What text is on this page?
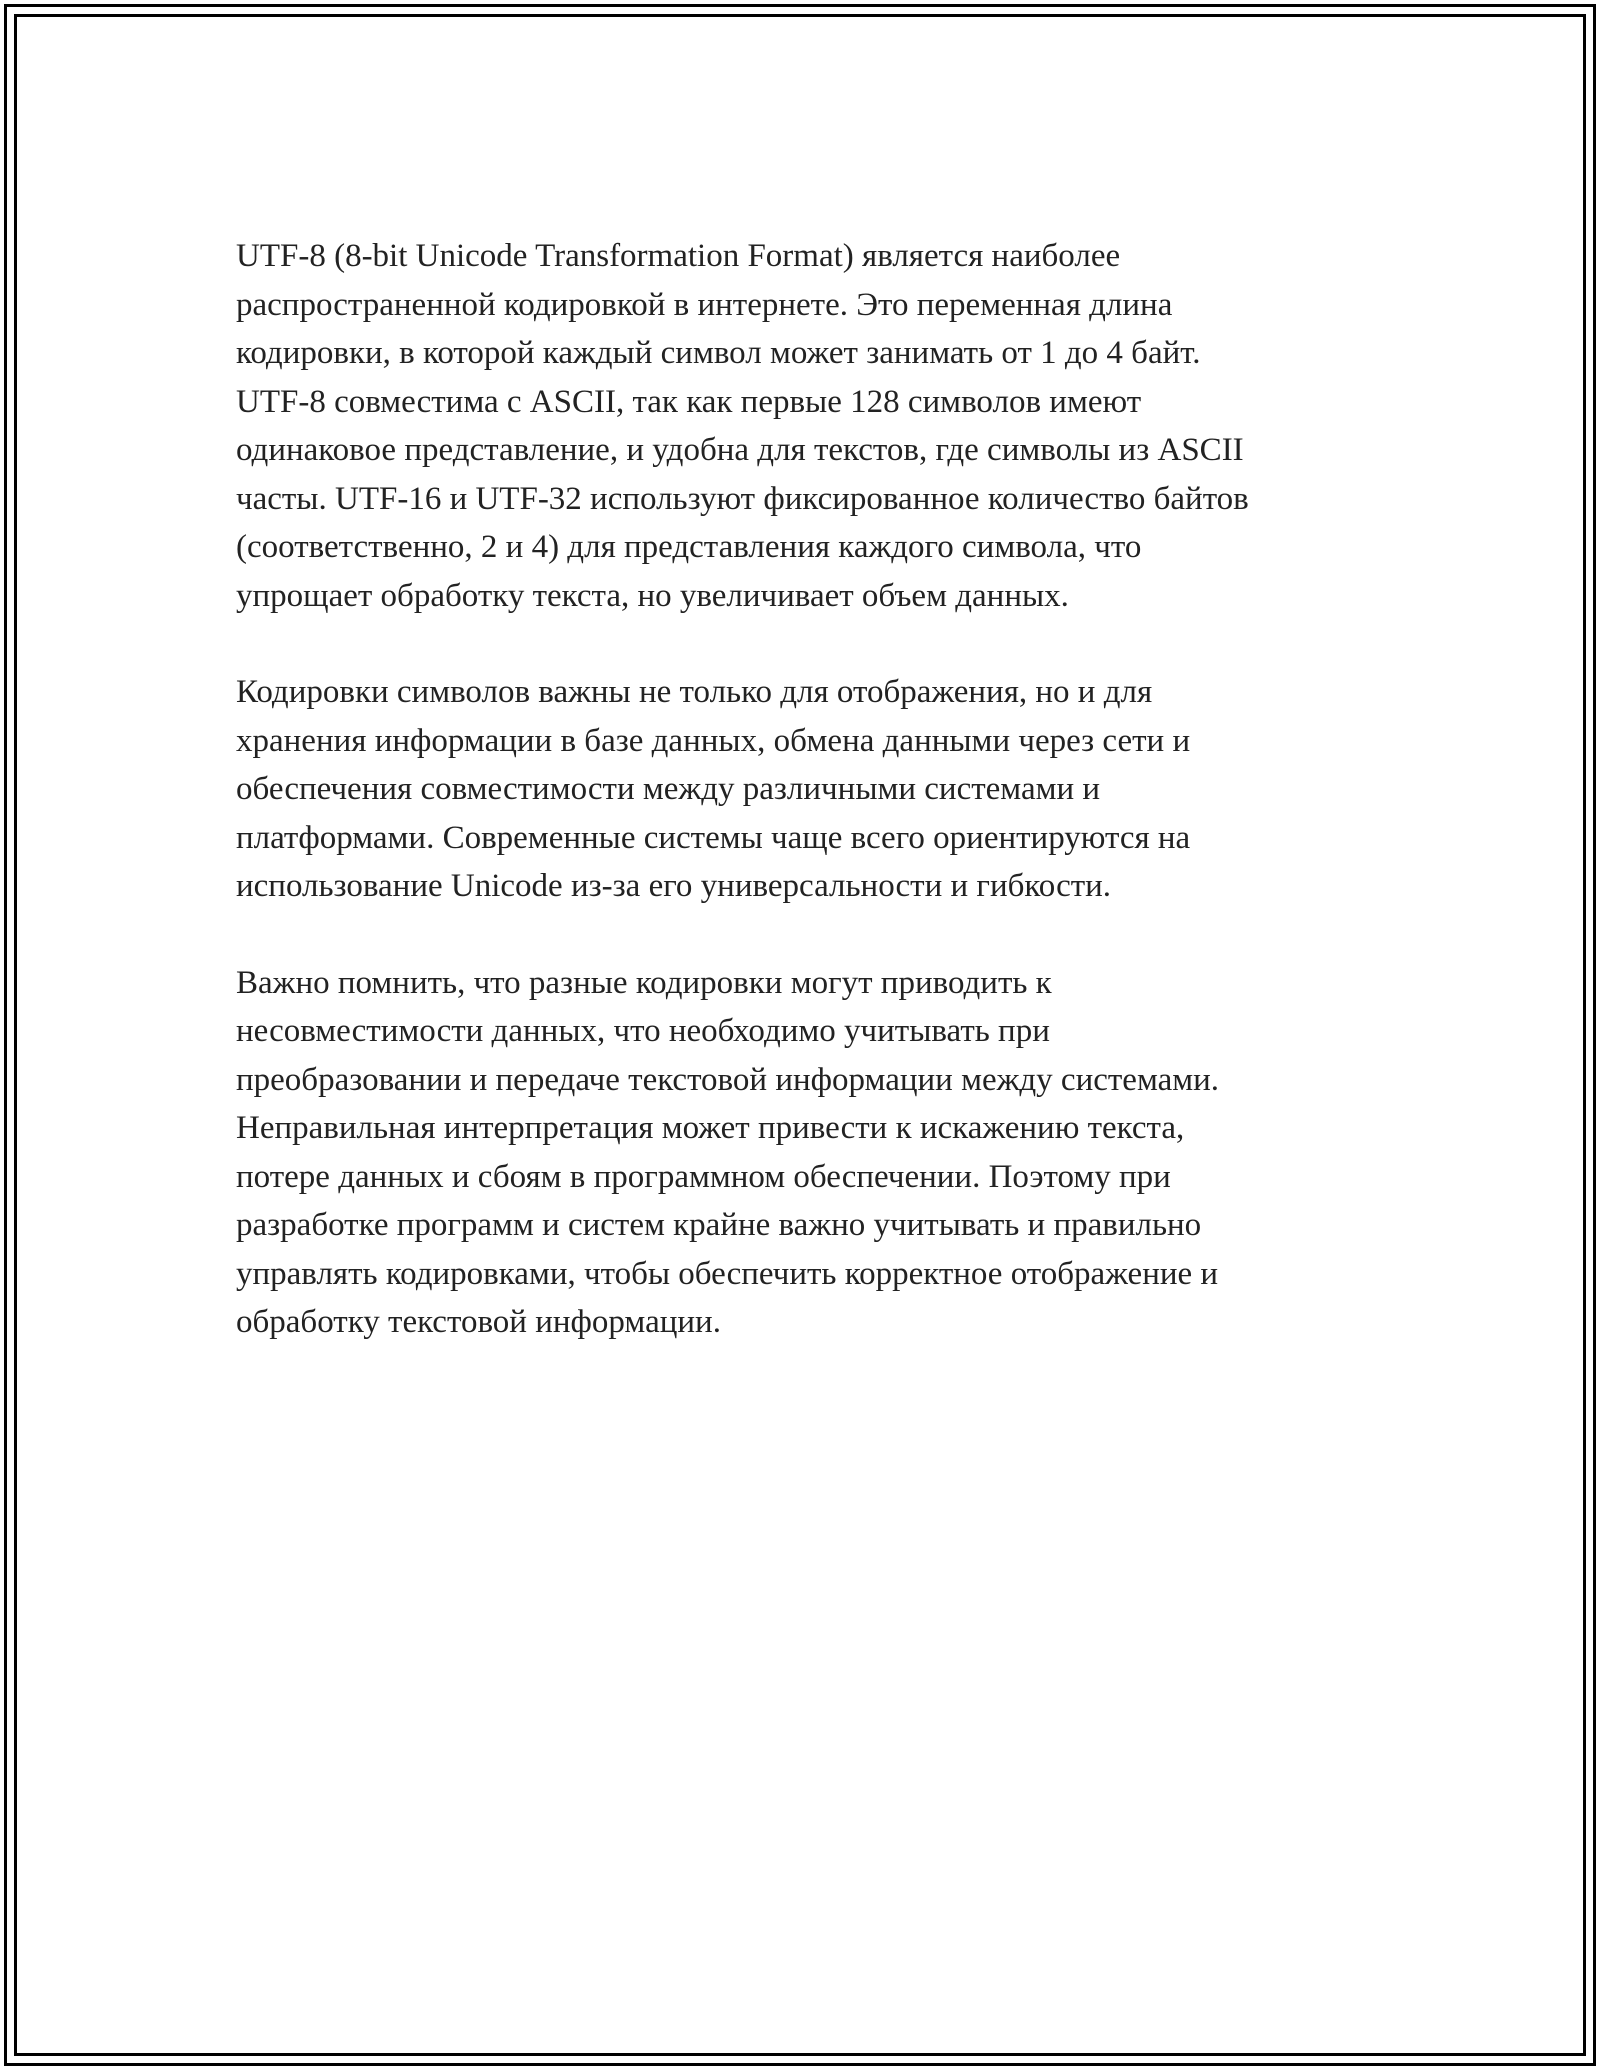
UTF-8 (8-bit Unicode Transformation Format) является наиболее
распространенной кодировкой в интернете. Это переменная длина
кодировки, в которой каждый символ может занимать от 1 до 4 байт.
UTF-8 совместима с ASCII, так как первые 128 символов имеют
одинаковое представление, и удобна для текстов, где символы из ASCII
часты. UTF-16 и UTF-32 используют фиксированное количество байтов
(соответственно, 2 и 4) для представления каждого символа, что
упрощает обработку текста, но увеличивает объем данных.

Кодировки символов важны не только для отображения, но и для
хранения информации в базе данных, обмена данными через сети и
обеспечения совместимости между различными системами и
платформами. Современные системы чаще всего ориентируются на
использование Unicode из-за его универсальности и гибкости.

Важно помнить, что разные кодировки могут приводить к
несовместимости данных, что необходимо учитывать при
преобразовании и передаче текстовой информации между системами.
Неправильная интерпретация может привести к искажению текста,
потере данных и сбоям в программном обеспечении. Поэтому при
разработке программ и систем крайне важно учитывать и правильно
управлять кодировками, чтобы обеспечить корректное отображение и
обработку текстовой информации.
